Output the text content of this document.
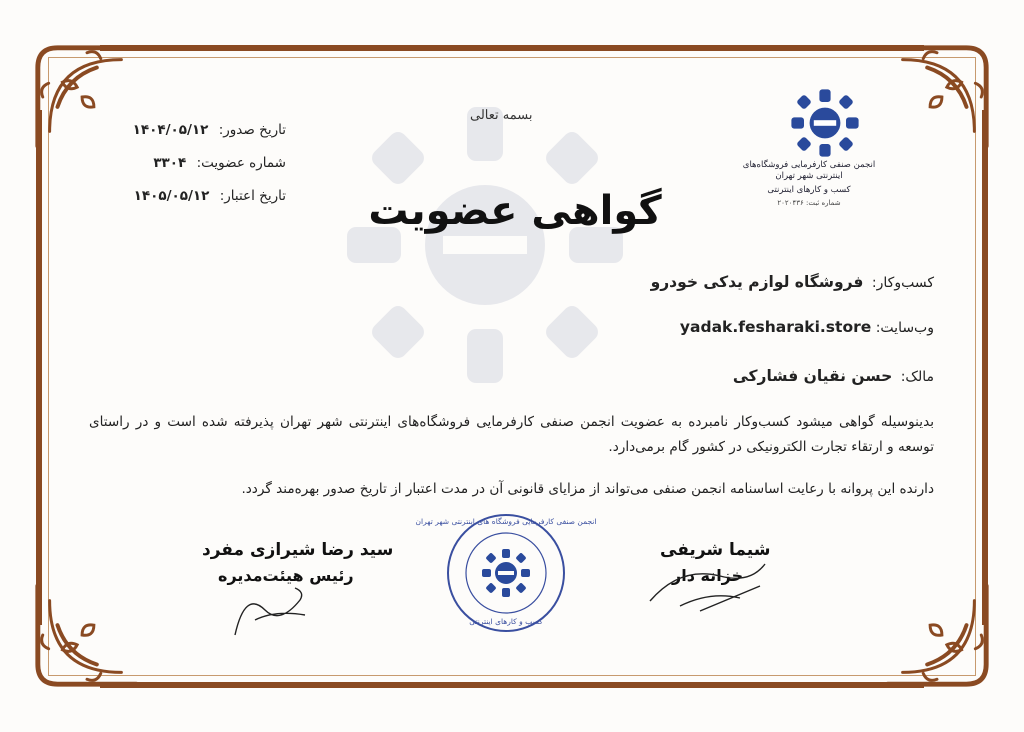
انجمن صنفی کارفرمایی فروشگاه‌های اینترنتی شهر تهران
کسب و کارهای اینترنتی
شماره ثبت: ۲۰۲۰۴۳۶
بسمه تعالی
تاریخ صدور: ۱۴۰۴/۰۵/۱۲
شماره عضویت: ۳۳۰۴
تاریخ اعتبار: ۱۴۰۵/۰۵/۱۲	گواهی عضویت
کسب‌وکار: فروشگاه لوازم یدکی خودرو
وب‌سایت: yadak.fesharaki.store
مالک: حسن نقیان فشارکی
بدینوسیله گواهی میشود کسب‌وکار نامبرده به عضویت انجمن صنفی کارفرمایی فروشگاه‌های اینترنتی شهر تهران پذیرفته شده است و در راستای توسعه و ارتقاء تجارت الکترونیکی در کشور گام برمی‌دارد.
دارنده این پروانه با رعایت اساسنامه انجمن صنفی می‌تواند از مزایای قانونی آن در مدت اعتبار از تاریخ صدور بهره‌مند گردد.
انجمن صنفی کارفرمایی فروشگاه های اینترنتی شهر تهران
کسب و کارهای اینترنتی
شیما شریفی
خزانه دار
سید رضا شیرازی مفرد
رئیس هیئت‌مدیره
